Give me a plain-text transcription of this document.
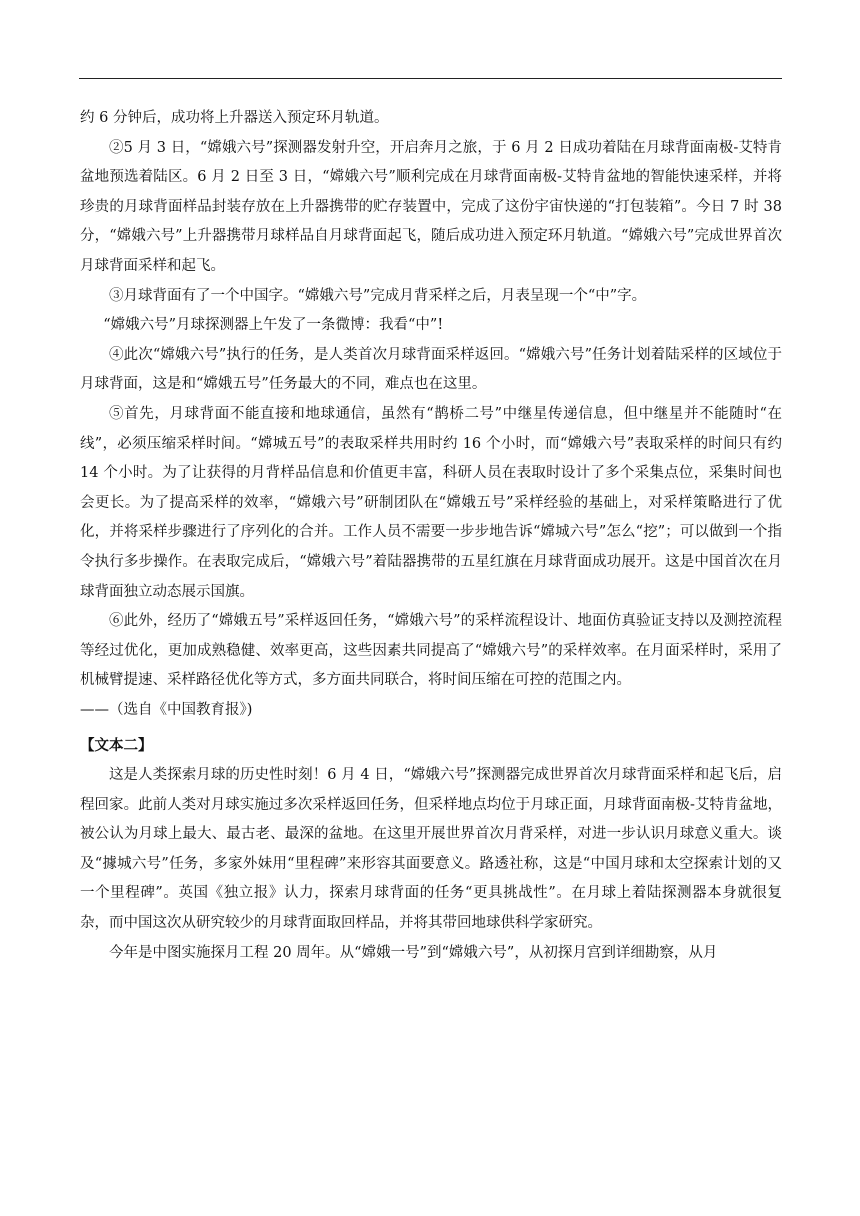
约 6 分钟后，成功将上升器送入预定环月轨道。

②5 月 3 日，“嫦娥六号”探测器发射升空，开启奔月之旅，于 6 月 2 日成功着陆在月球背面南极-艾特肯盆地预选着陆区。6 月 2 日至 3 日，“嫦娥六号”顺利完成在月球背面南极-艾特肯盆地的智能快速采样，并将珍贵的月球背面样品封装存放在上升器携带的贮存装置中，完成了这份宇宙快递的“打包装箱”。今日 7 时 38 分，“嫦娥六号”上升器携带月球样品自月球背面起飞，随后成功进入预定环月轨道。“嫦娥六号”完成世界首次月球背面采样和起飞。

③月球背面有了一个中国字。“嫦娥六号”完成月背采样之后，月表呈现一个“中”字。

“嫦娥六号”月球探测器上午发了一条微博：我看“中”!

④此次“嫦娥六号”执行的任务，是人类首次月球背面采样返回。“嫦娥六号”任务计划着陆采样的区域位于月球背面，这是和“嫦娥五号”任务最大的不同，难点也在这里。

⑤首先，月球背面不能直接和地球通信，虽然有“鹊桥二号”中继星传递信息，但中继星并不能随时“在线”，必须压缩采样时间。“嫦城五号”的表取采样共用时约 16 个小时，而“嫦娥六号”表取采样的时间只有约 14 个小时。为了让获得的月背样品信息和价值更丰富，科研人员在表取时设计了多个采集点位，采集时间也会更长。为了提高采样的效率，“嫦娥六号”研制团队在“嫦娥五号”采样经验的基础上，对采样策略进行了优化，并将采样步骤进行了序列化的合并。工作人员不需要一步步地告诉“嫦城六号”怎么“挖”；可以做到一个指令执行多步操作。在表取完成后，“嫦娥六号”着陆器携带的五星红旗在月球背面成功展开。这是中国首次在月球背面独立动态展示国旗。

⑥此外，经历了“嫦娥五号”采样返回任务，“嫦娥六号”的采样流程设计、地面仿真验证支持以及测控流程等经过优化，更加成熟稳健、效率更高，这些因素共同提高了“嫦娥六号”的采样效率。在月面采样时，采用了机械臂提速、采样路径优化等方式，多方面共同联合，将时间压缩在可控的范围之内。

——（选自《中国教育报》)

【文本二】

这是人类探索月球的历史性时刻！6 月 4 日，“嫦娥六号”探测器完成世界首次月球背面采样和起飞后，启程回家。此前人类对月球实施过多次采样返回任务，但采样地点均位于月球正面，月球背面南极-艾特肯盆地，被公认为月球上最大、最古老、最深的盆地。在这里开展世界首次月背采样，对进一步认识月球意义重大。谈及“據城六号”任务，多家外妹用“里程碑”来形容其面要意义。路透社称，这是“中国月球和太空探索计划的又一个里程碑”。英国《独立报》认力，探索月球背面的任务“更具挑战性”。在月球上着陆探测器本身就很复杂，而中国这次从研究较少的月球背面取回样品，并将其带回地球供科学家研究。

今年是中图实施探月工程 20 周年。从“嫦娥一号”到“嫦娥六号”，从初探月宫到详细勘察，从月
